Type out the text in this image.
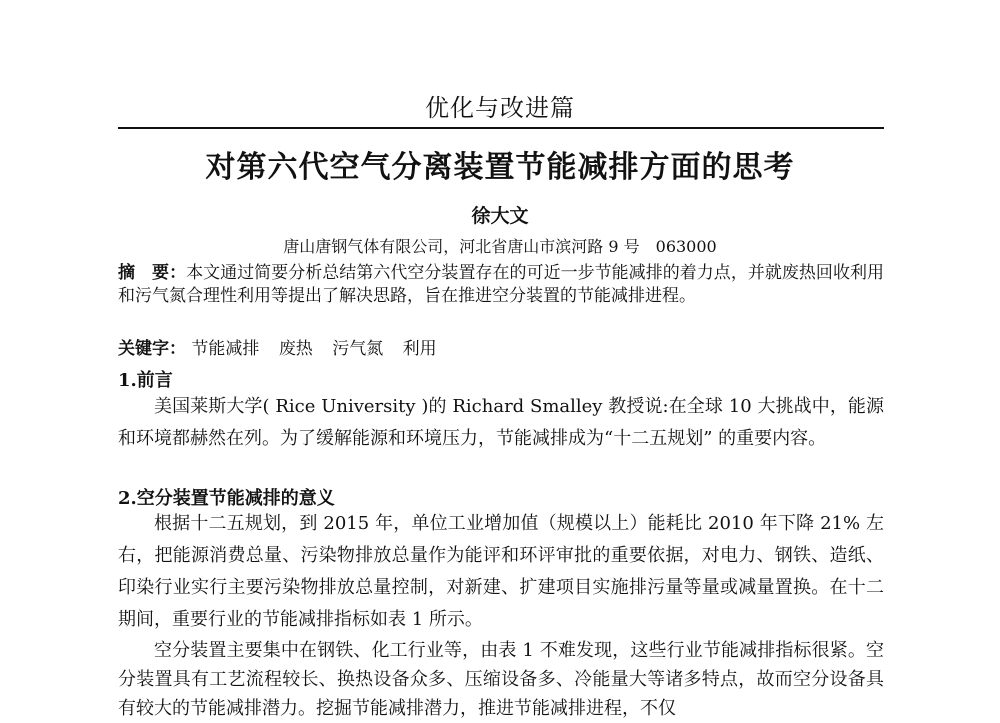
优化与改进篇
对第六代空气分离装置节能减排方面的思考
徐大文
唐山唐钢气体有限公司，河北省唐山市滨河路 9 号　063000
摘　要：本文通过简要分析总结第六代空分装置存在的可近一步节能减排的着力点，并就废热回收利用和污气氮合理性利用等提出了解决思路，旨在推进空分装置的节能减排进程。
关键字： 节能减排 废热 污气氮 利用
1.前言

美国莱斯大学( Rice University )的 Richard Smalley 教授说:在全球 10 大挑战中，能源和环境都赫然在列。为了缓解能源和环境压力，节能减排成为“十二五规划” 的重要内容。

2.空分装置节能减排的意义

根据十二五规划，到 2015 年，单位工业增加值（规模以上）能耗比 2010 年下降 21% 左右，把能源消费总量、污染物排放总量作为能评和环评审批的重要依据，对电力、钢铁、造纸、印染行业实行主要污染物排放总量控制，对新建、扩建项目实施排污量等量或减量置换。在十二期间，重要行业的节能减排指标如表 1 所示。

空分装置主要集中在钢铁、化工行业等，由表 1 不难发现，这些行业节能减排指标很紧。空分装置具有工艺流程较长、换热设备众多、压缩设备多、冷能量大等诸多特点，故而空分设备具有较大的节能减排潜力。挖掘节能减排潜力，推进节能减排进程，不仅
